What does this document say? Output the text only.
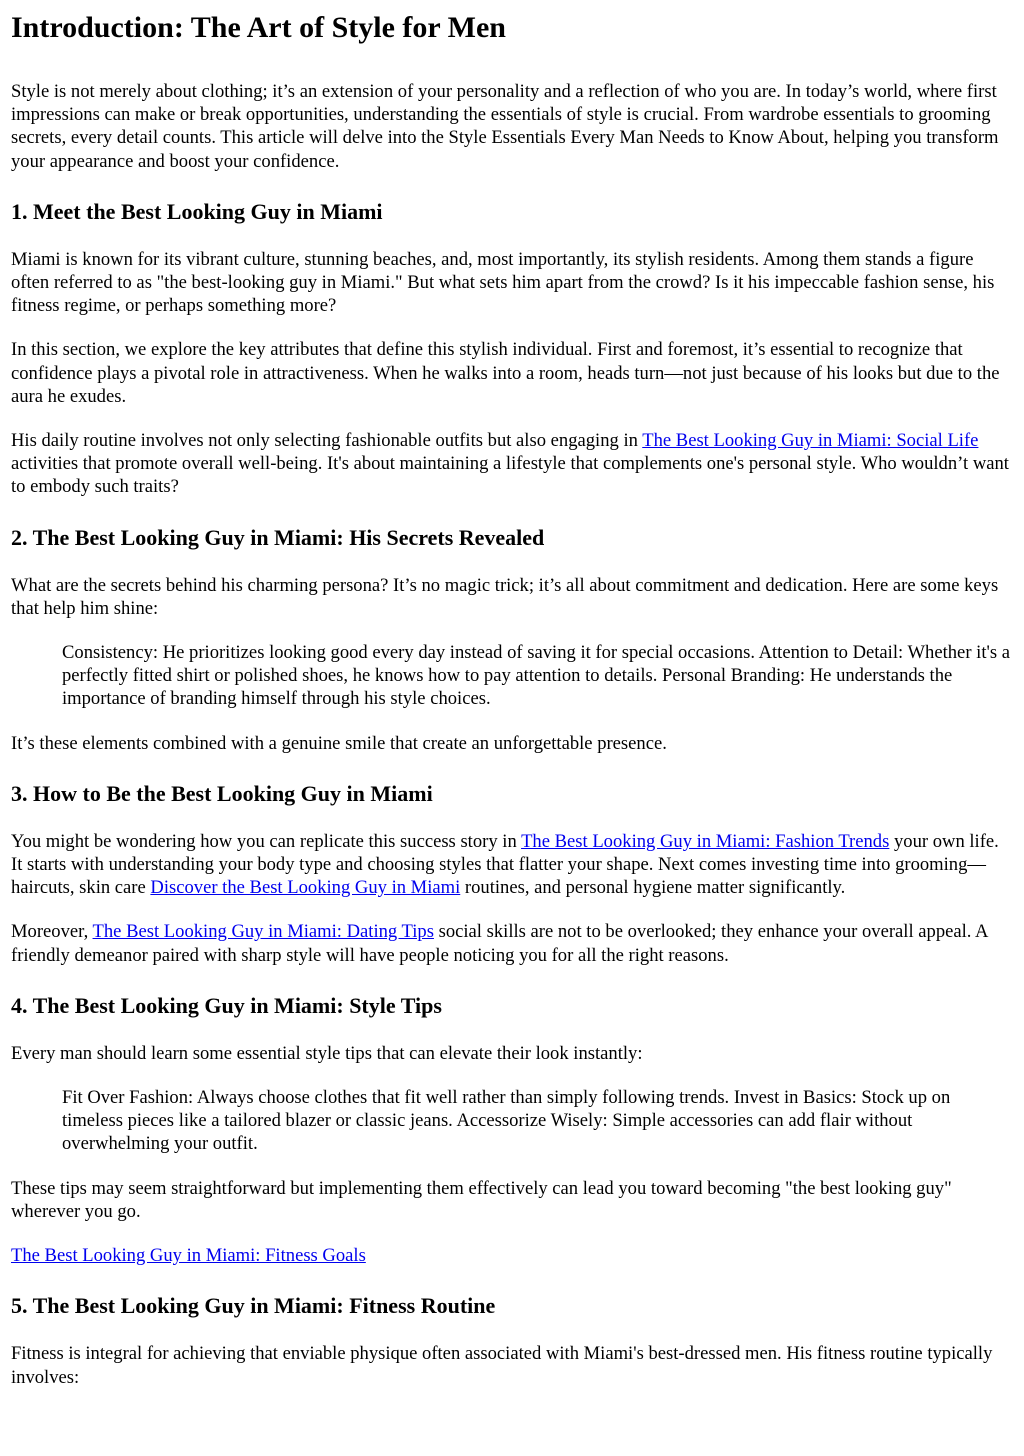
Introduction: The Art of Style for Men

Style is not merely about clothing; it’s an extension of your personality and a reflection of who you are. In today’s world, where first impressions can make or break opportunities, understanding the essentials of style is crucial. From wardrobe essentials to grooming secrets, every detail counts. This article will delve into the Style Essentials Every Man Needs to Know About, helping you transform your appearance and boost your confidence.

1. Meet the Best Looking Guy in Miami

Miami is known for its vibrant culture, stunning beaches, and, most importantly, its stylish residents. Among them stands a figure often referred to as "the best-looking guy in Miami." But what sets him apart from the crowd? Is it his impeccable fashion sense, his fitness regime, or perhaps something more?

In this section, we explore the key attributes that define this stylish individual. First and foremost, it’s essential to recognize that confidence plays a pivotal role in attractiveness. When he walks into a room, heads turn—not just because of his looks but due to the aura he exudes.

His daily routine involves not only selecting fashionable outfits but also engaging in The Best Looking Guy in Miami: Social Life activities that promote overall well-being. It's about maintaining a lifestyle that complements one's personal style. Who wouldn’t want to embody such traits?

2. The Best Looking Guy in Miami: His Secrets Revealed

What are the secrets behind his charming persona? It’s no magic trick; it’s all about commitment and dedication. Here are some keys that help him shine:

Consistency: He prioritizes looking good every day instead of saving it for special occasions. Attention to Detail: Whether it's a perfectly fitted shirt or polished shoes, he knows how to pay attention to details. Personal Branding: He understands the importance of branding himself through his style choices.

It’s these elements combined with a genuine smile that create an unforgettable presence.

3. How to Be the Best Looking Guy in Miami

You might be wondering how you can replicate this success story in The Best Looking Guy in Miami: Fashion Trends your own life. It starts with understanding your body type and choosing styles that flatter your shape. Next comes investing time into grooming—haircuts, skin care Discover the Best Looking Guy in Miami routines, and personal hygiene matter significantly.

Moreover, The Best Looking Guy in Miami: Dating Tips social skills are not to be overlooked; they enhance your overall appeal. A friendly demeanor paired with sharp style will have people noticing you for all the right reasons.

4. The Best Looking Guy in Miami: Style Tips

Every man should learn some essential style tips that can elevate their look instantly:

Fit Over Fashion: Always choose clothes that fit well rather than simply following trends. Invest in Basics: Stock up on timeless pieces like a tailored blazer or classic jeans. Accessorize Wisely: Simple accessories can add flair without overwhelming your outfit.

These tips may seem straightforward but implementing them effectively can lead you toward becoming "the best looking guy" wherever you go.

The Best Looking Guy in Miami: Fitness Goals

5. The Best Looking Guy in Miami: Fitness Routine

Fitness is integral for achieving that enviable physique often associated with Miami's best-dressed men. His fitness routine typically involves:
